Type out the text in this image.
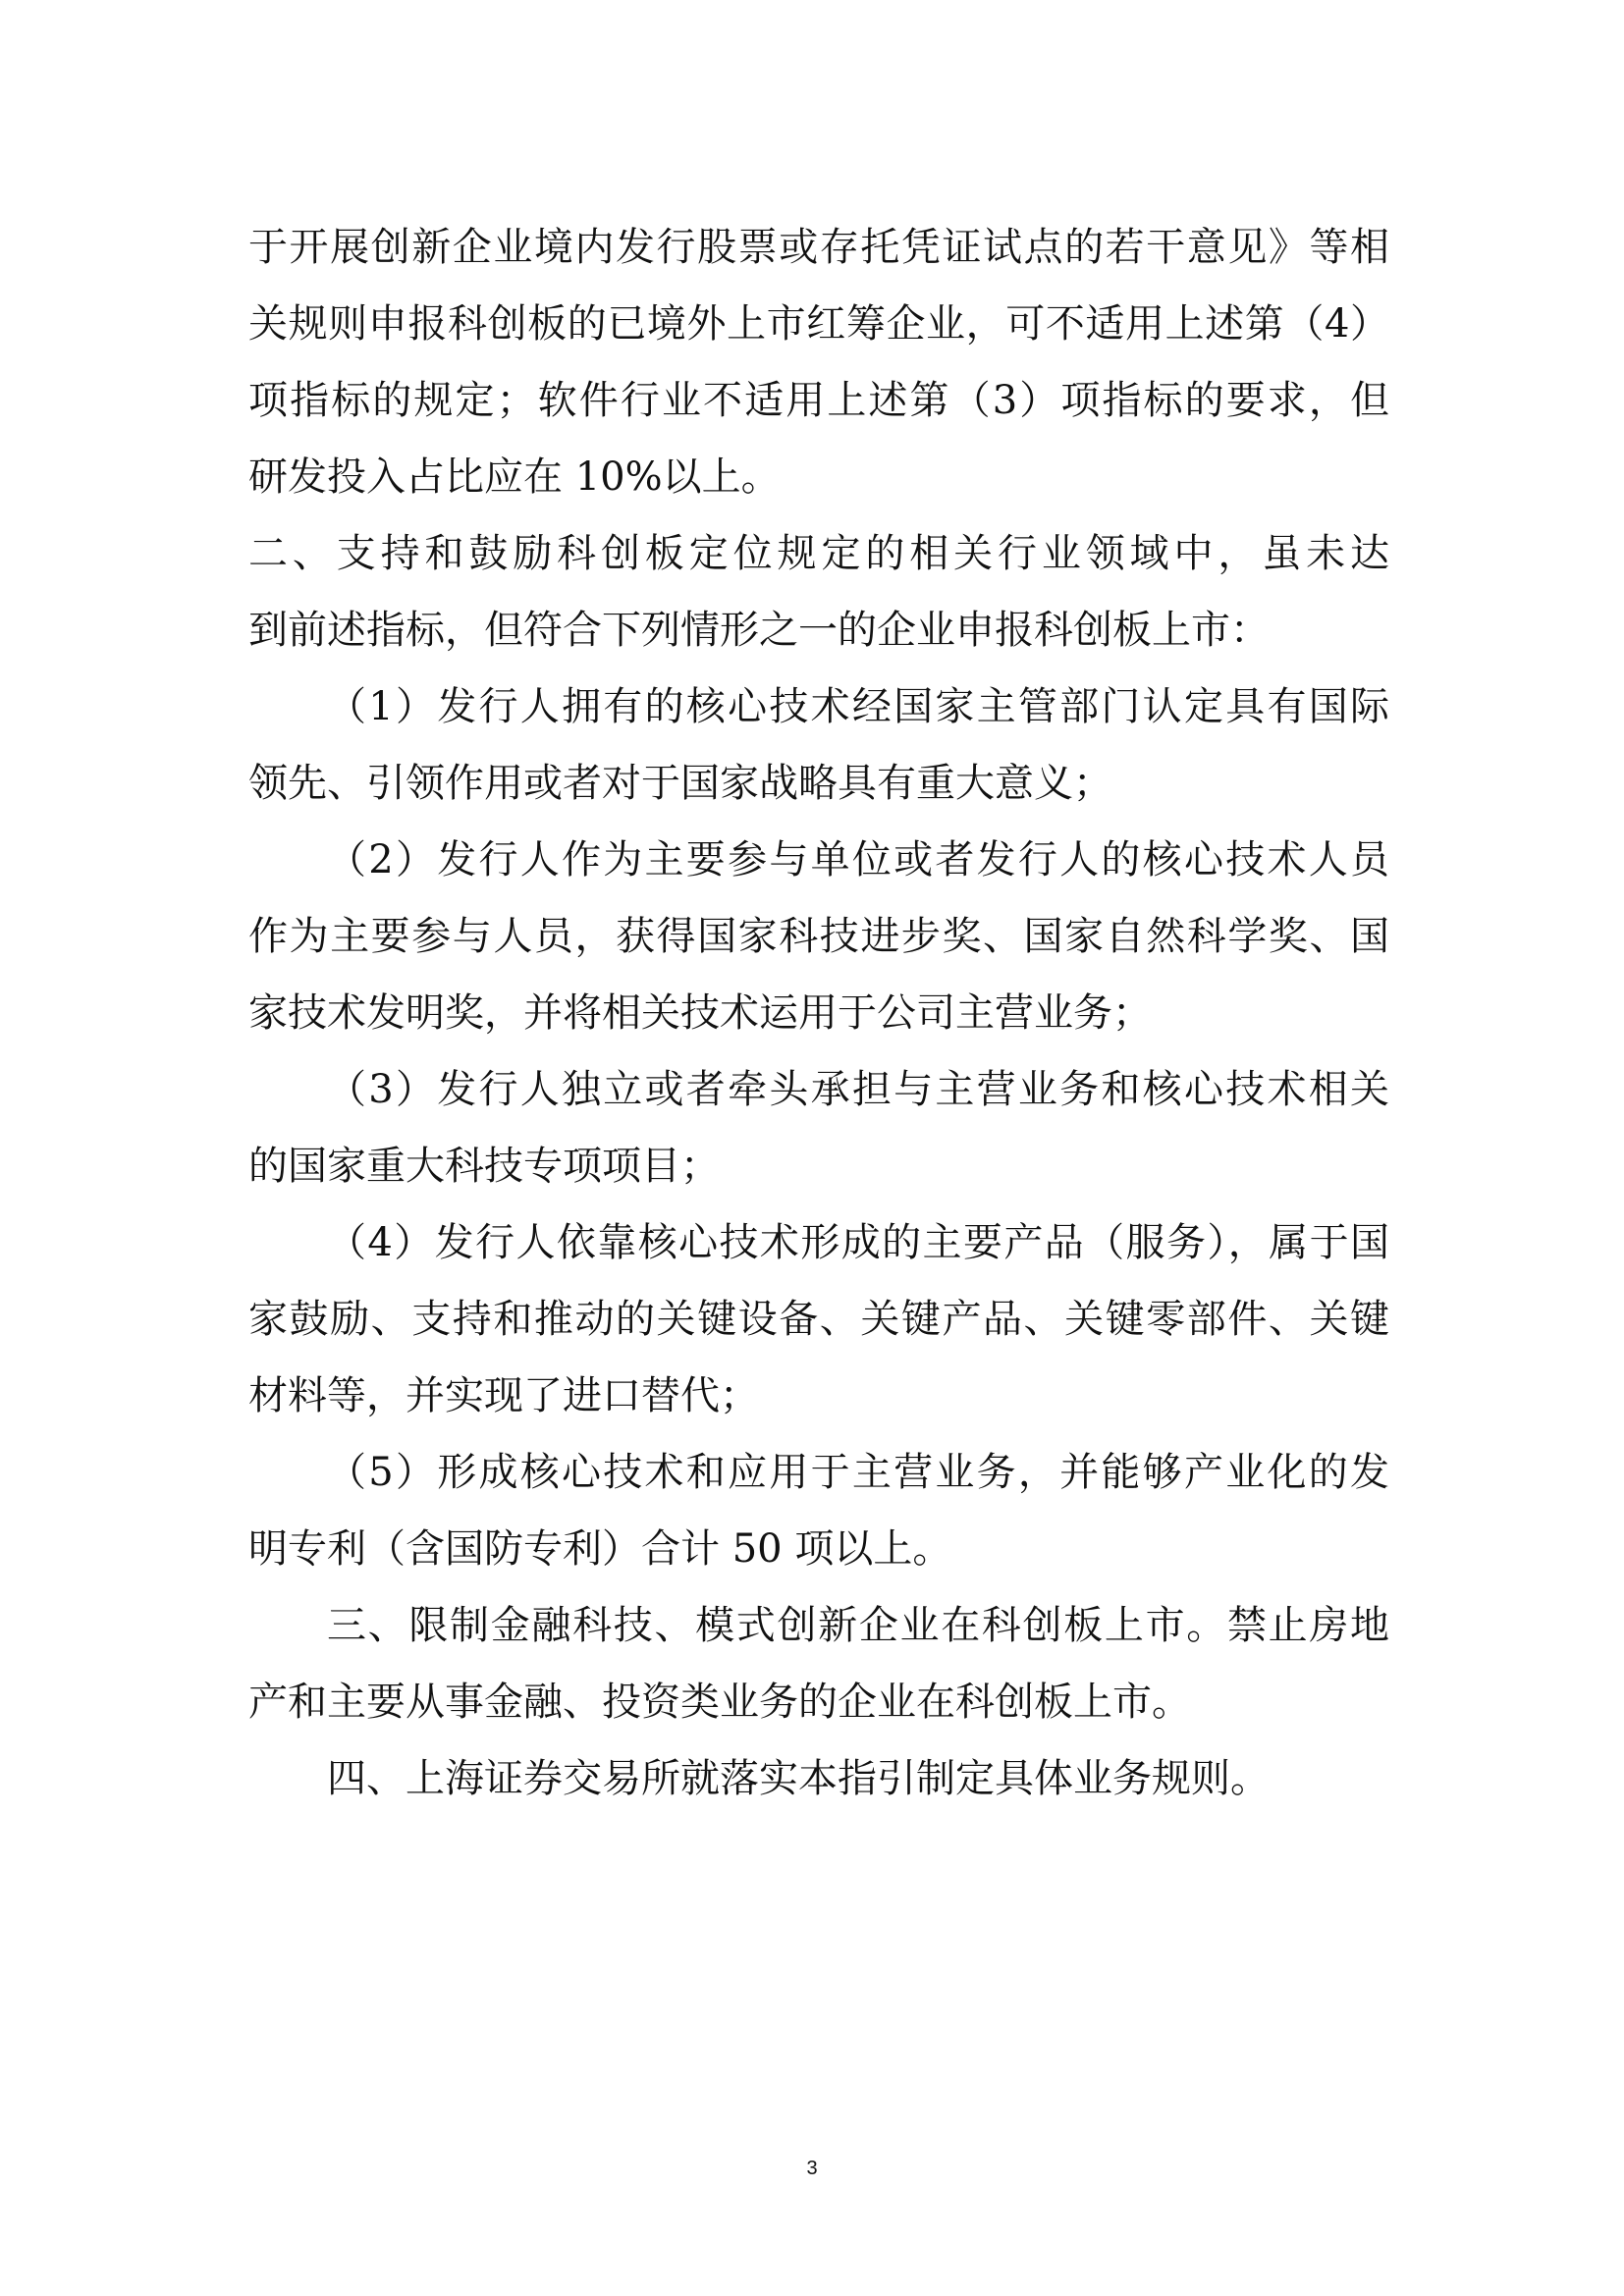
于开展创新企业境内发行股票或存托凭证试点的若干意见》等相
关规则申报科创板的已境外上市红筹企业，可不适用上述第（4）
项指标的规定；软件行业不适用上述第（3）项指标的要求，但
研发投入占比应在 10%以上。
二、支持和鼓励科创板定位规定的相关行业领域中，虽未达
到前述指标，但符合下列情形之一的企业申报科创板上市：
（1）发行人拥有的核心技术经国家主管部门认定具有国际
领先、引领作用或者对于国家战略具有重大意义；
（2）发行人作为主要参与单位或者发行人的核心技术人员
作为主要参与人员，获得国家科技进步奖、国家自然科学奖、国
家技术发明奖，并将相关技术运用于公司主营业务；
（3）发行人独立或者牵头承担与主营业务和核心技术相关
的国家重大科技专项项目；
（4）发行人依靠核心技术形成的主要产品（服务），属于国
家鼓励、支持和推动的关键设备、关键产品、关键零部件、关键
材料等，并实现了进口替代；
（5）形成核心技术和应用于主营业务，并能够产业化的发
明专利（含国防专利）合计 50 项以上。
三、限制金融科技、模式创新企业在科创板上市。禁止房地
产和主要从事金融、投资类业务的企业在科创板上市。
四、上海证券交易所就落实本指引制定具体业务规则。
3
